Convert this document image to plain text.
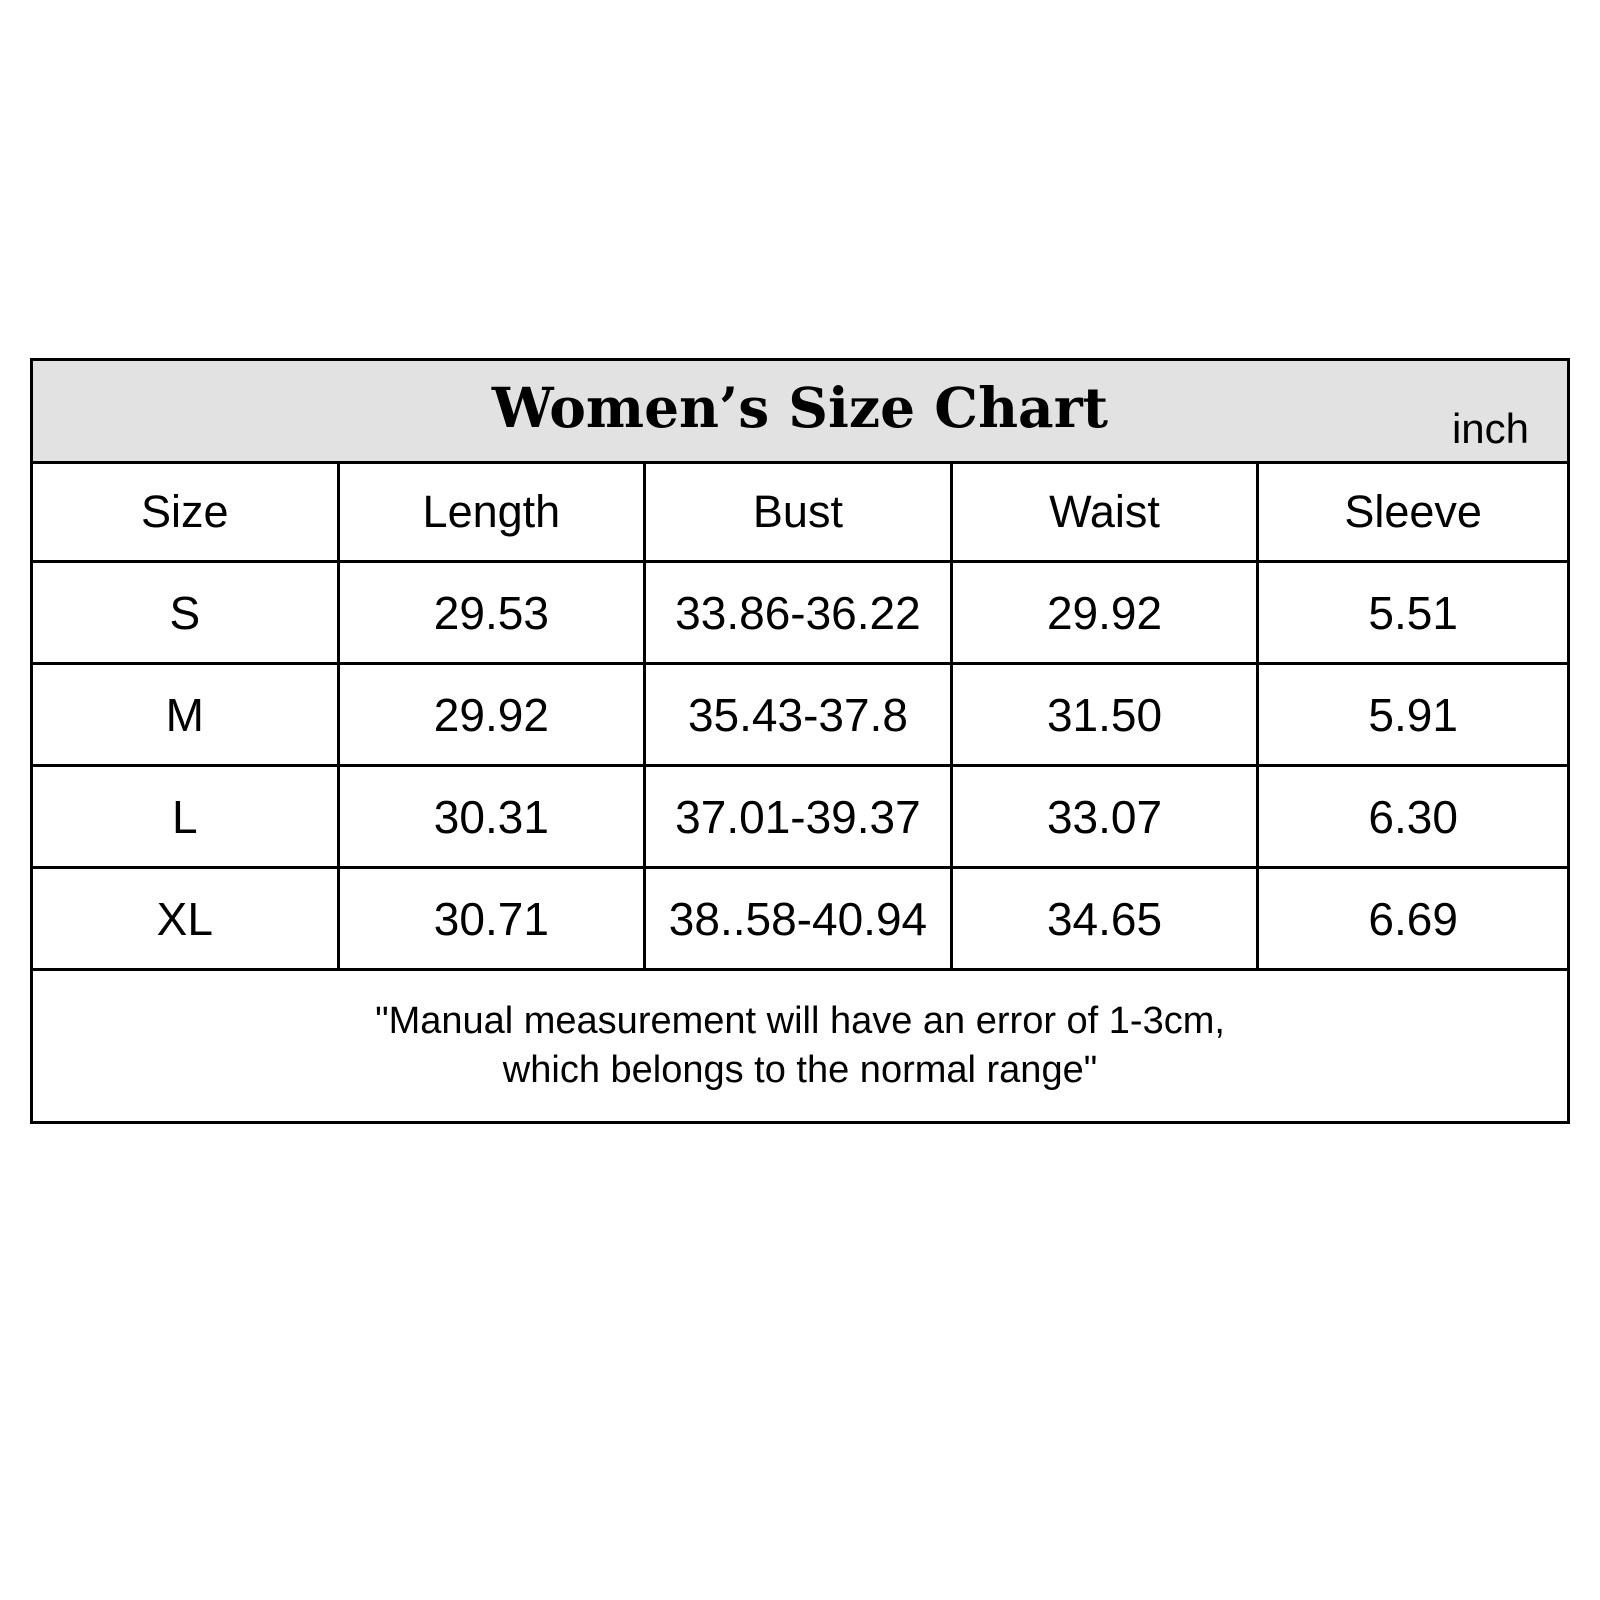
Women’s Size Chart inch				

Size	Length	Bust	Waist	Sleeve
S	29.53	33.86-36.22	29.92	5.51
M	29.92	35.43-37.8	31.50	5.91
L	30.31	37.01-39.37	33.07	6.30
XL	30.71	38..58-40.94	34.65	6.69

"Manual measurement will have an error of 1-3cm,
which belongs to the normal range"				
